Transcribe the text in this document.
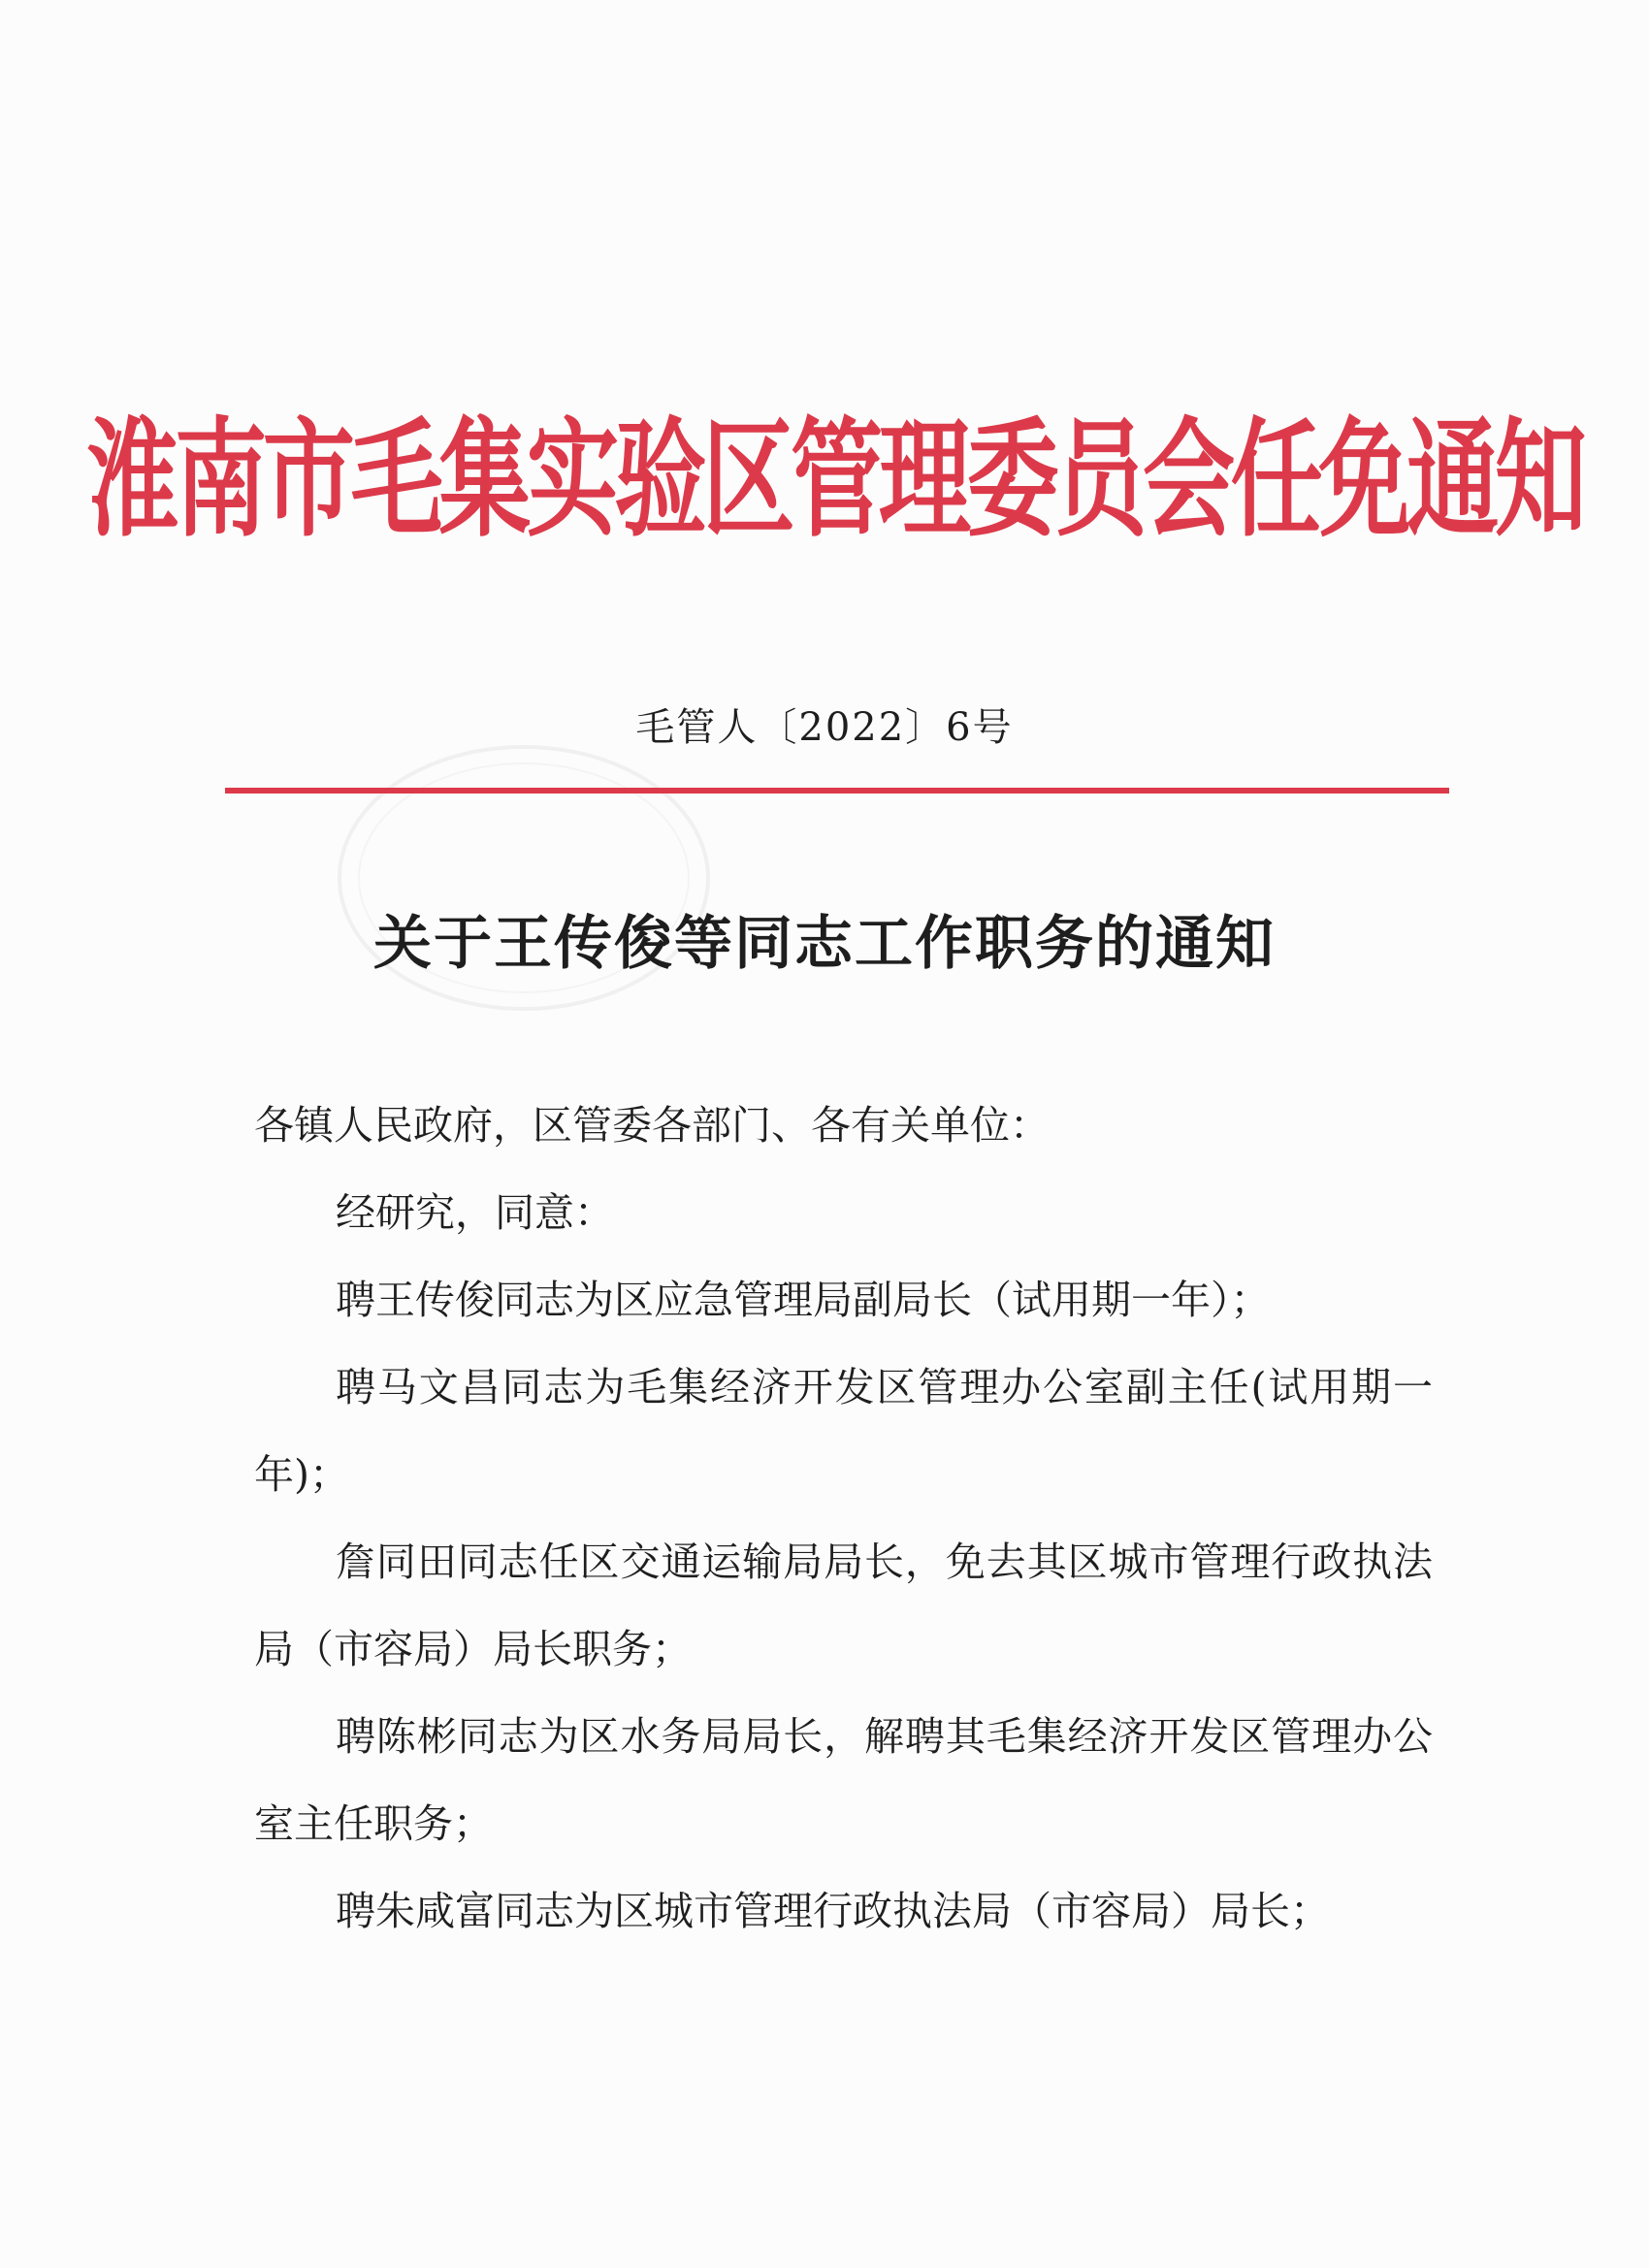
淮南市毛集实验区管理委员会任免通知
毛管人〔2022〕6号
关于王传俊等同志工作职务的通知

各镇人民政府，区管委各部门、各有关单位：

经研究，同意：

聘王传俊同志为区应急管理局副局长（试用期一年）；

聘马文昌同志为毛集经济开发区管理办公室副主任(试用期一年)；

詹同田同志任区交通运输局局长，免去其区城市管理行政执法局（市容局）局长职务；

聘陈彬同志为区水务局局长，解聘其毛集经济开发区管理办公室主任职务；

聘朱咸富同志为区城市管理行政执法局（市容局）局长；
